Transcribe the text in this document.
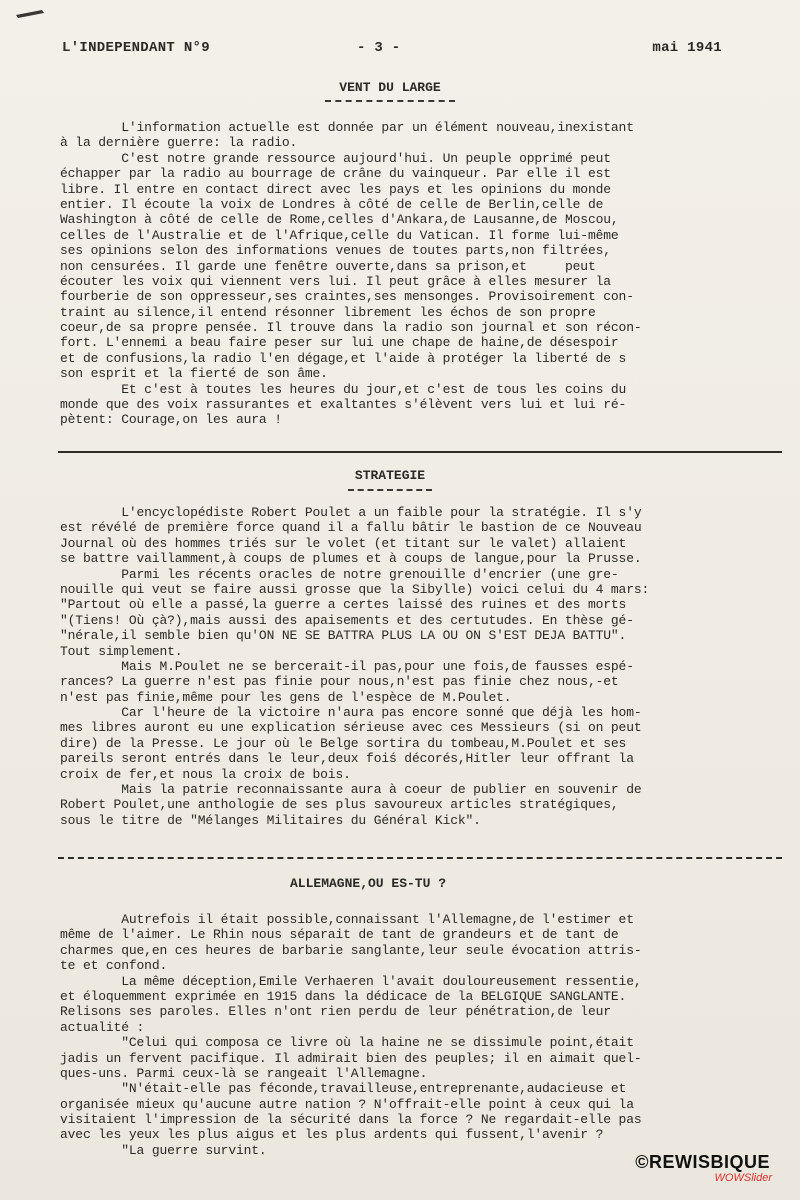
L'INDEPENDANT N°9	- 3 -	mai 1941
VENT DU LARGE
L'information actuelle est donnée par un élément nouveau,inexistant
à la dernière guerre: la radio.
C'est notre grande ressource aujourd'hui. Un peuple opprimé peut
échapper par la radio au bourrage de crâne du vainqueur. Par elle il est
libre. Il entre en contact direct avec les pays et les opinions du monde
entier. Il écoute la voix de Londres à côté de celle de Berlin,celle de
Washington à côté de celle de Rome,celles d'Ankara,de Lausanne,de Moscou,
celles de l'Australie et de l'Afrique,celle du Vatican. Il forme lui-même
ses opinions selon des informations venues de toutes parts,non filtrées,
non censurées. Il garde une fenêtre ouverte,dans sa prison,et     peut
écouter les voix qui viennent vers lui. Il peut grâce à elles mesurer la
fourberie de son oppresseur,ses craintes,ses mensonges. Provisoirement con-
traint au silence,il entend résonner librement les échos de son propre
coeur,de sa propre pensée. Il trouve dans la radio son journal et son récon-
fort. L'ennemi a beau faire peser sur lui une chape de haine,de désespoir
et de confusions,la radio l'en dégage,et l'aide à protéger la liberté de s
son esprit et la fierté de son âme.
Et c'est à toutes les heures du jour,et c'est de tous les coins du
monde que des voix rassurantes et exaltantes s'élèvent vers lui et lui ré-
pètent: Courage,on les aura !
STRATEGIE
L'encyclopédiste Robert Poulet a un faible pour la stratégie. Il s'y
est révélé de première force quand il a fallu bâtir le bastion de ce Nouveau
Journal où des hommes triés sur le volet (et titant sur le valet) allaient
se battre vaillamment,à coups de plumes et à coups de langue,pour la Prusse.
Parmi les récents oracles de notre grenouille d'encrier (une gre-
nouille qui veut se faire aussi grosse que la Sibylle) voici celui du 4 mars:
"Partout où elle a passé,la guerre a certes laissé des ruines et des morts
"(Tiens! Où çà?),mais aussi des apaisements et des certutudes. En thèse gé-
"nérale,il semble bien qu'ON NE SE BATTRA PLUS LA OU ON S'EST DEJA BATTU".
Tout simplement.
Mais M.Poulet ne se bercerait-il pas,pour une fois,de fausses espé-
rances? La guerre n'est pas finie pour nous,n'est pas finie chez nous,-et
n'est pas finie,même pour les gens de l'espèce de M.Poulet.
Car l'heure de la victoire n'aura pas encore sonné que déjà les hom-
mes libres auront eu une explication sérieuse avec ces Messieurs (si on peut
dire) de la Presse. Le jour où le Belge sortira du tombeau,M.Poulet et ses
pareils seront entrés dans le leur,deux foiś décorés,Hitler leur offrant la
croix de fer,et nous la croix de bois.
Mais la patrie reconnaissante aura à coeur de publier en souvenir de
Robert Poulet,une anthologie de ses plus savoureux articles stratégiques,
sous le titre de "Mélanges Militaires du Général Kick".
ALLEMAGNE,OU ES-TU ?
Autrefois il était possible,connaissant l'Allemagne,de l'estimer et
même de l'aimer. Le Rhin nous séparait de tant de grandeurs et de tant de
charmes que,en ces heures de barbarie sanglante,leur seule évocation attris-
te et confond.
La même déception,Emile Verhaeren l'avait douloureusement ressentie,
et éloquemment exprimée en 1915 dans la dédicace de la BELGIQUE SANGLANTE.
Relisons ses paroles. Elles n'ont rien perdu de leur pénétration,de leur
actualité :
"Celui qui composa ce livre où la haine ne se dissimule point,était
jadis un fervent pacifique. Il admirait bien des peuples; il en aimait quel-
ques-uns. Parmi ceux-là se rangeait l'Allemagne.
"N'était-elle pas féconde,travailleuse,entreprenante,audacieuse et
organisée mieux qu'aucune autre nation ? N'offrait-elle point à ceux qui la
visitaient l'impression de la sécurité dans la force ? Ne regardait-elle pas
avec les yeux les plus aigus et les plus ardents qui fussent,l'avenir ?
"La guerre survint.
©REWISBIQUE
WOWSlider
